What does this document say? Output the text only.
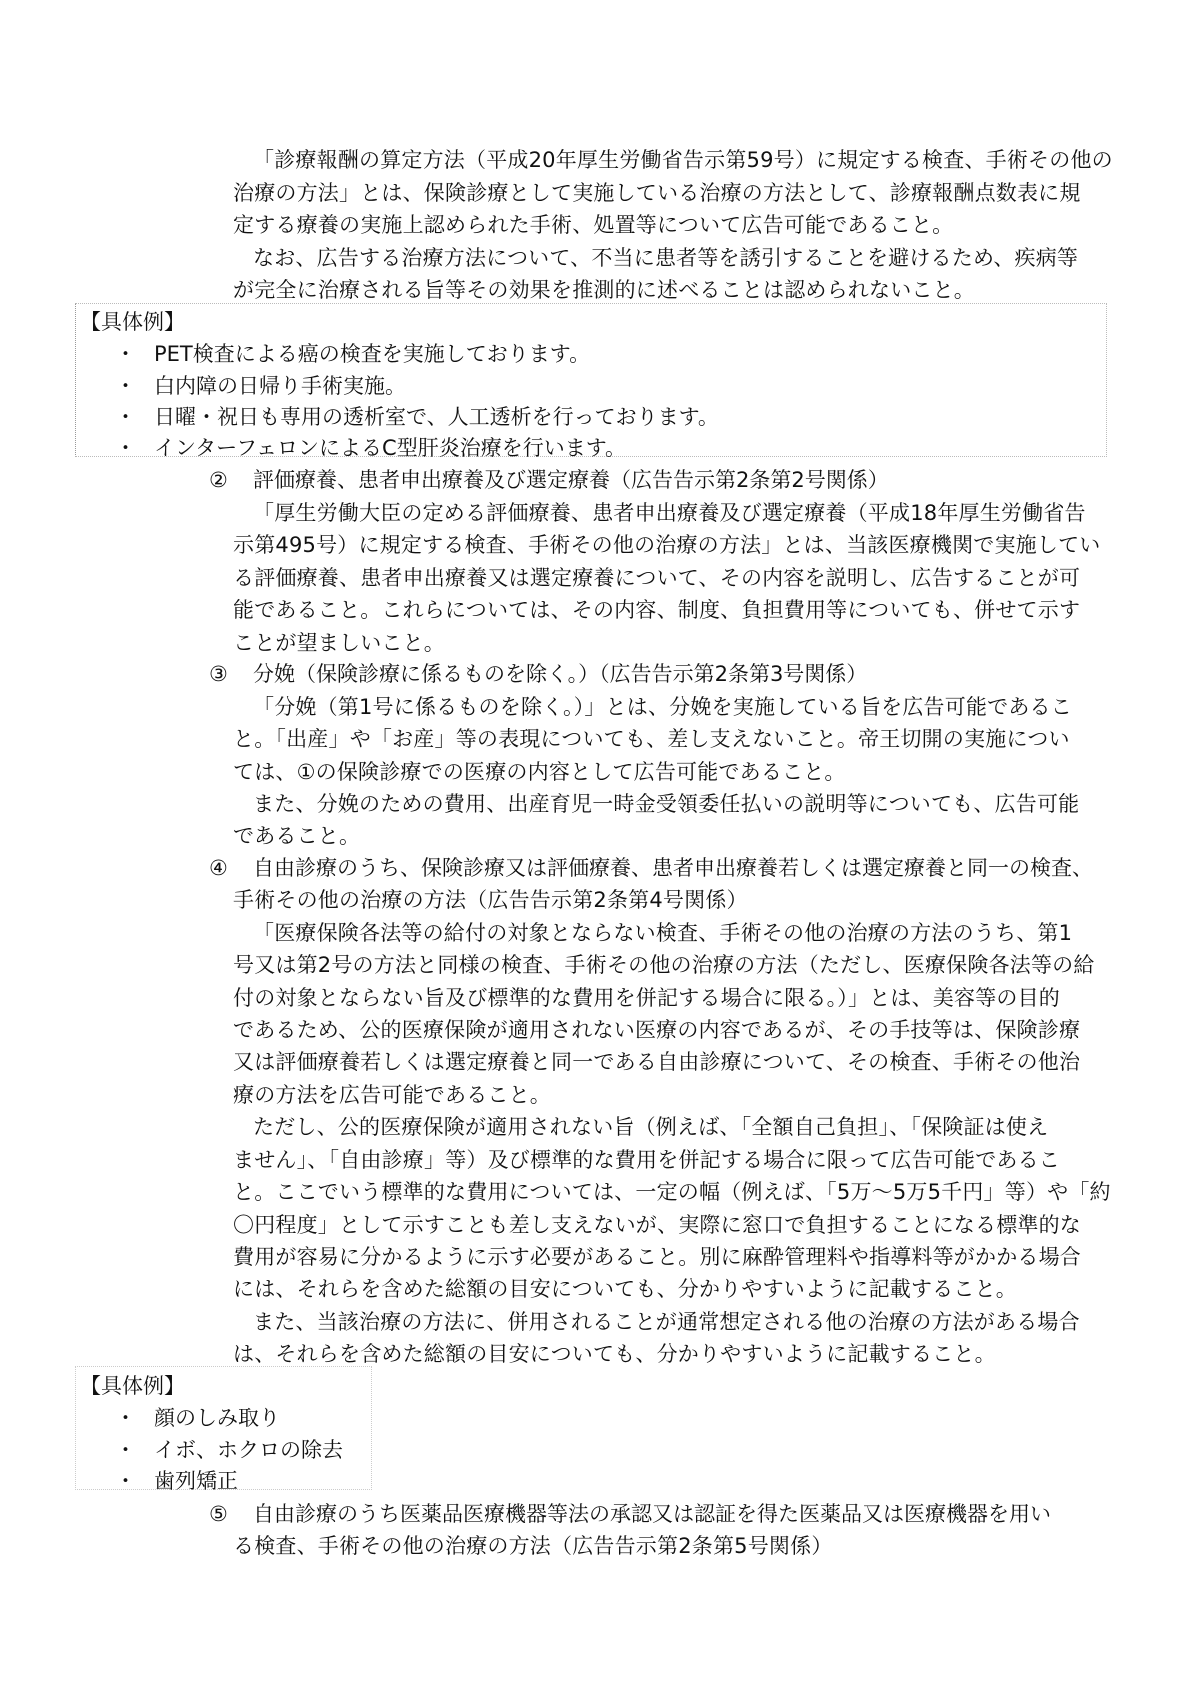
「診療報酬の算定方法（平成20年厚生労働省告示第59号）に規定する検査、手術その他の
治療の方法」とは、保険診療として実施している治療の方法として、診療報酬点数表に規
定する療養の実施上認められた手術、処置等について広告可能であること。
なお、広告する治療方法について、不当に患者等を誘引することを避けるため、疾病等
が完全に治療される旨等その効果を推測的に述べることは認められないこと。
【具体例】
・ PET検査による癌の検査を実施しております。
・ 白内障の日帰り手術実施。
・ 日曜・祝日も専用の透析室で、人工透析を行っております。
・ インターフェロンによるC型肝炎治療を行います。
② 評価療養、患者申出療養及び選定療養（広告告示第2条第2号関係）
「厚生労働大臣の定める評価療養、患者申出療養及び選定療養（平成18年厚生労働省告
示第495号）に規定する検査、手術その他の治療の方法」とは、当該医療機関で実施してい
る評価療養、患者申出療養又は選定療養について、その内容を説明し、広告することが可
能であること。これらについては、その内容、制度、負担費用等についても、併せて示す
ことが望ましいこと。
③ 分娩（保険診療に係るものを除く。）（広告告示第2条第3号関係）
「分娩（第1号に係るものを除く。）」とは、分娩を実施している旨を広告可能であるこ
と。「出産」や「お産」等の表現についても、差し支えないこと。帝王切開の実施につい
ては、①の保険診療での医療の内容として広告可能であること。
また、分娩のための費用、出産育児一時金受領委任払いの説明等についても、広告可能
であること。
④ 自由診療のうち、保険診療又は評価療養、患者申出療養若しくは選定療養と同一の検査、
手術その他の治療の方法（広告告示第2条第4号関係）
「医療保険各法等の給付の対象とならない検査、手術その他の治療の方法のうち、第1
号又は第2号の方法と同様の検査、手術その他の治療の方法（ただし、医療保険各法等の給
付の対象とならない旨及び標準的な費用を併記する場合に限る。）」とは、美容等の目的
であるため、公的医療保険が適用されない医療の内容であるが、その手技等は、保険診療
又は評価療養若しくは選定療養と同一である自由診療について、その検査、手術その他治
療の方法を広告可能であること。
ただし、公的医療保険が適用されない旨（例えば、「全額自己負担」、「保険証は使え
ません」、「自由診療」等）及び標準的な費用を併記する場合に限って広告可能であるこ
と。ここでいう標準的な費用については、一定の幅（例えば、「5万～5万5千円」等）や「約
〇円程度」として示すことも差し支えないが、実際に窓口で負担することになる標準的な
費用が容易に分かるように示す必要があること。別に麻酔管理料や指導料等がかかる場合
には、それらを含めた総額の目安についても、分かりやすいように記載すること。
また、当該治療の方法に、併用されることが通常想定される他の治療の方法がある場合
は、それらを含めた総額の目安についても、分かりやすいように記載すること。
【具体例】
・ 顔のしみ取り
・ イボ、ホクロの除去
・ 歯列矯正
⑤ 自由診療のうち医薬品医療機器等法の承認又は認証を得た医薬品又は医療機器を用い
る検査、手術その他の治療の方法（広告告示第2条第5号関係）
